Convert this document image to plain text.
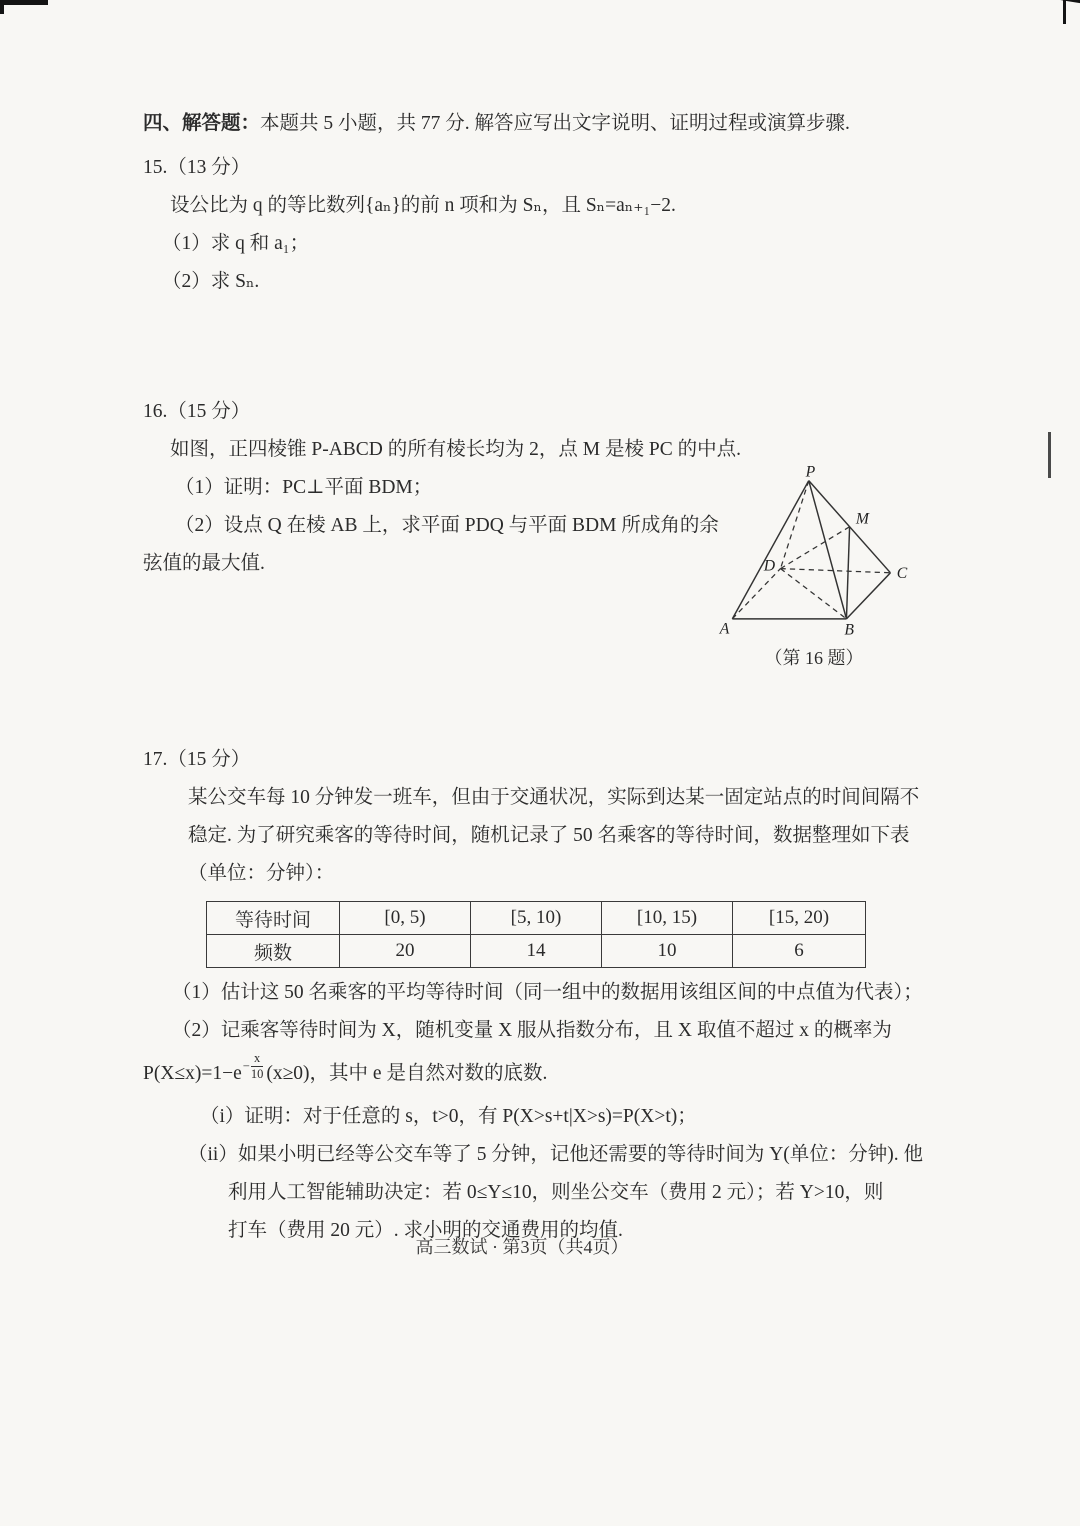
四、解答题：本题共 5 小题，共 77 分. 解答应写出文字说明、证明过程或演算步骤.
15.（13 分）
设公比为 q 的等比数列{aₙ}的前 n 项和为 Sₙ，且 Sₙ=aₙ₊₁−2.
（1）求 q 和 a₁；
（2）求 Sₙ.
16.（15 分）
如图，正四棱锥 P-ABCD 的所有棱长均为 2，点 M 是棱 PC 的中点.
（1）证明：PC⊥平面 BDM；
（2）设点 Q 在棱 AB 上，求平面 PDQ 与平面 BDM 所成角的余
弦值的最大值.
17.（15 分）
某公交车每 10 分钟发一班车，但由于交通状况，实际到达某一固定站点的时间间隔不
稳定. 为了研究乘客的等待时间，随机记录了 50 名乘客的等待时间，数据整理如下表
（单位：分钟）：
等待时间	[0, 5)	[5, 10)	[10, 15)	[15, 20)
频数	20	14	10	6
（1）估计这 50 名乘客的平均等待时间（同一组中的数据用该组区间的中点值为代表）；
（2）记乘客等待时间为 X，随机变量 X 服从指数分布，且 X 取值不超过 x 的概率为
$P(X\le x)=1-e- \frac{x}{10} (x\ge 0)$，其中 e 是自然对数的底数.
（i）证明：对于任意的 s，t>0，有 P(X>s+t|X>s)=P(X>t)；
（ii）如果小明已经等公交车等了 5 分钟，记他还需要的等待时间为 Y(单位：分钟). 他
利用人工智能辅助决定：若 0≤Y≤10，则坐公交车（费用 2 元）；若 Y>10，则
打车（费用 20 元）. 求小明的交通费用的均值.
P
M
C
D
A	B
（第 16 题）
高三数试 · 第3页（共4页）
